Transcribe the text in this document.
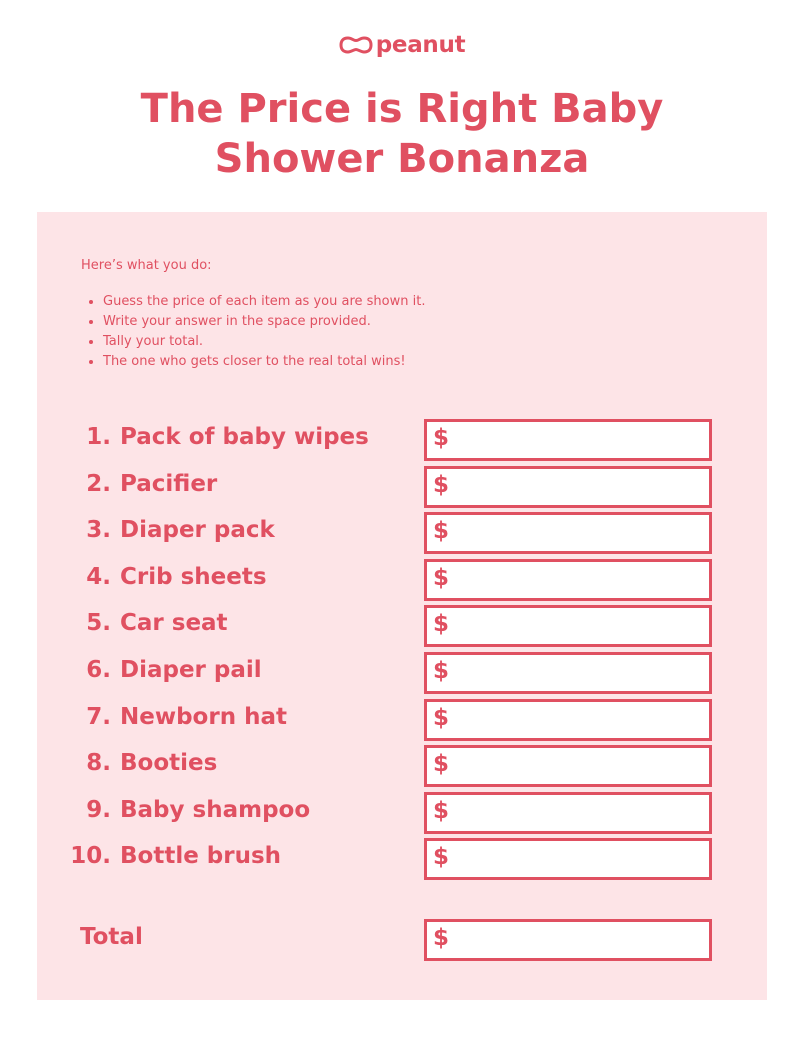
peanut
The Price is Right Baby
Shower Bonanza

Here’s what you do:

Guess the price of each item as you are shown it.
Write your answer in the space provided.
Tally your total.
The one who gets closer to the real total wins!
1. Pack of baby wipes	$
2. Pacifier	$
3. Diaper pack	$
4. Crib sheets	$
5. Car seat	$
6. Diaper pail	$
7. Newborn hat	$
8. Booties	$
9. Baby shampoo	$
10. Bottle brush	$
Total	$
